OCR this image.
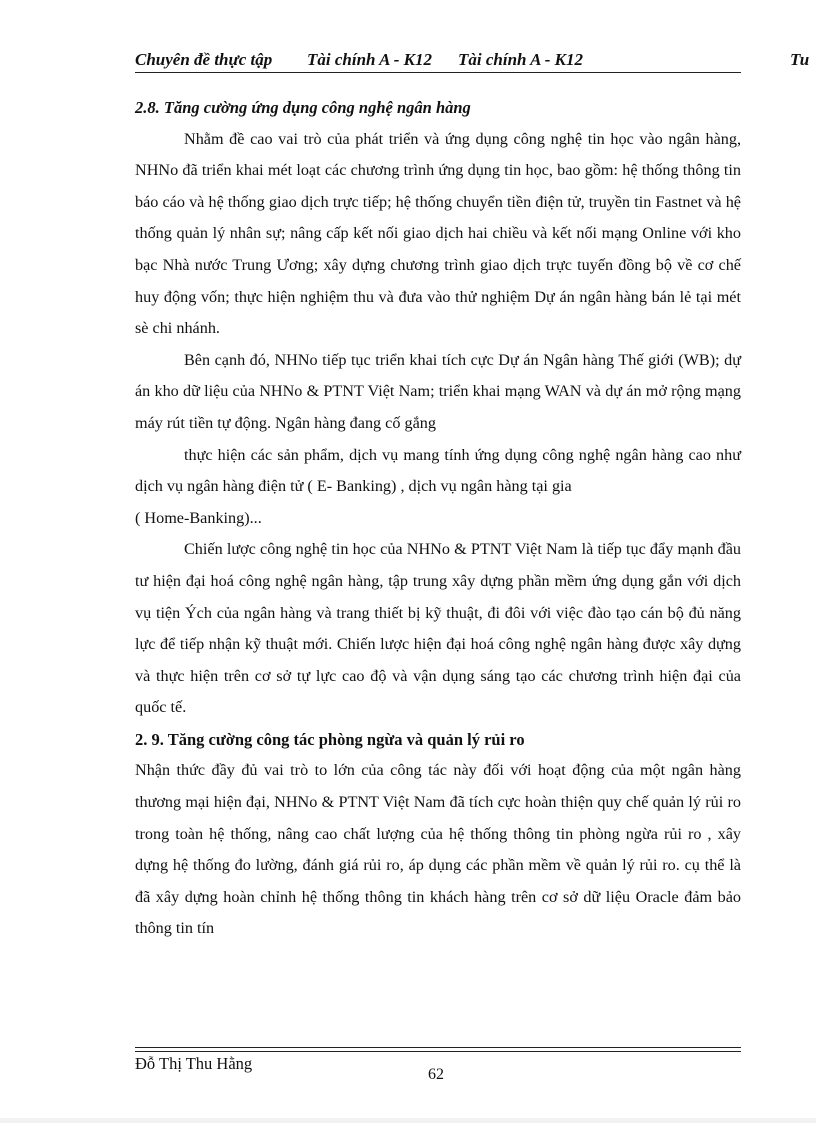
Chuyên đề thực tập Tài chính A - K12 Tài chính A - K12	Tu
2.8. Tăng cường ứng dụng công nghệ ngân hàng

Nhằm đề cao vai trò của phát triển và ứng dụng công nghệ tin học vào ngân hàng, NHNo đã triển khai mét loạt các chương trình ứng dụng tin học, bao gồm: hệ thống thông tin báo cáo và hệ thống giao dịch trực tiếp; hệ thống chuyển tiền điện tử, truyền tin Fastnet và hệ thống quản lý nhân sự; nâng cấp kết nối giao dịch hai chiều và kết nối mạng Online với kho bạc Nhà nước Trung Ương; xây dựng chương trình giao dịch trực tuyến đồng bộ về cơ chế huy động vốn; thực hiện nghiệm thu và đưa vào thử nghiệm Dự án ngân hàng bán lẻ tại mét sè chi nhánh.

Bên cạnh đó, NHNo tiếp tục triển khai tích cực Dự án Ngân hàng Thế giới (WB); dự án kho dữ liệu của NHNo & PTNT Việt Nam; triển khai mạng WAN và dự án mở rộng mạng máy rút tiền tự động. Ngân hàng đang cố gắng

thực hiện các sản phẩm, dịch vụ mang tính ứng dụng công nghệ ngân hàng cao như dịch vụ ngân hàng điện tử ( E- Banking) , dịch vụ ngân hàng tại gia

( Home-Banking)...

Chiến lược công nghệ tin học của NHNo & PTNT Việt Nam là tiếp tục đẩy mạnh đầu tư hiện đại hoá công nghệ ngân hàng, tập trung xây dựng phần mềm ứng dụng gắn với dịch vụ tiện Ých của ngân hàng và trang thiết bị kỹ thuật, đi đôi với việc đào tạo cán bộ đủ năng lực để tiếp nhận kỹ thuật mới. Chiến lược hiện đại hoá công nghệ ngân hàng được xây dựng và thực hiện trên cơ sở tự lực cao độ và vận dụng sáng tạo các chương trình hiện đại của quốc tế.

2. 9. Tăng cường công tác phòng ngừa và quản lý rủi ro

Nhận thức đầy đủ vai trò to lớn của công tác này đối với hoạt động của một ngân hàng thương mại hiện đại, NHNo & PTNT Việt Nam đã tích cực hoàn thiện quy chế quản lý rủi ro trong toàn hệ thống, nâng cao chất lượng của hệ thống thông tin phòng ngừa rủi ro , xây dựng hệ thống đo lường, đánh giá rủi ro, áp dụng các phần mềm về quản lý rủi ro. cụ thể là đã xây dựng hoàn chỉnh hệ thống thông tin khách hàng trên cơ sở dữ liệu Oracle đảm bảo thông tin tín

Đỗ Thị Thu Hằng
62
